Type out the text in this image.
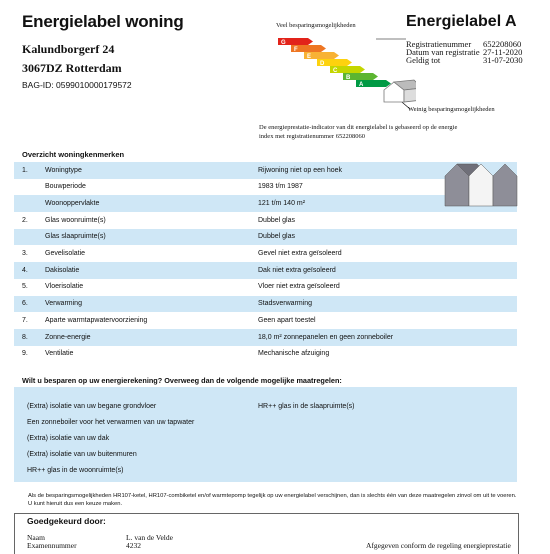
Energielabel woning
Kalundborgerf 24
3067DZ Rotterdam
BAG-ID: 0599010000179572
Veel besparingsmogelijkheden
G
F
E
D
C
B
A
Weinig besparingsmogelijkheden
Energielabel A
Registratienummer 652208060
Datum van registratie 27-11-2020
Geldig tot	31-07-2030
De energieprestatie-indicator van dit energielabel is gebaseerd op de energie index met registratienummer 652208060
Overzicht woningkenmerken
1. Woningtype	Rijwoning niet op een hoek
Bouwperiode	1983 t/m 1987
Woonoppervlakte	121 t/m 140 m²
2. Glas woonruimte(s)	Dubbel glas
Glas slaapruimte(s)	Dubbel glas
3. Gevelisolatie	Gevel niet extra geïsoleerd
4. Dakisolatie	Dak niet extra geïsoleerd
5. Vloerisolatie	Vloer niet extra geïsoleerd
6. Verwarming	Stadsverwarming
7. Aparte warmtapwatervoorziening	Geen apart toestel
8. Zonne-energie	18,0 m² zonnepanelen en geen zonneboiler
9. Ventilatie	Mechanische afzuiging
Wilt u besparen op uw energierekening? Overweeg dan de volgende mogelijke maatregelen:
(Extra) isolatie van uw begane grondvloer
Een zonneboiler voor het verwarmen van uw tapwater
(Extra) isolatie van uw dak
(Extra) isolatie van uw buitenmuren
HR++ glas in de woonruimte(s)
HR++ glas in de slaapruimte(s)
Als de besparingsmogelijkheden HR107-ketel, HR107-combiketel en/of warmtepomp tegelijk op uw energielabel verschijnen, dan is slechts één van deze maatregelen zinvol om uit te voeren. U kunt hieruit dus een keuze maken.
Goedgekeurd door:
Naam	L. van de Velde
Examennummer	4232	Afgegeven conform de regeling energieprestatie
